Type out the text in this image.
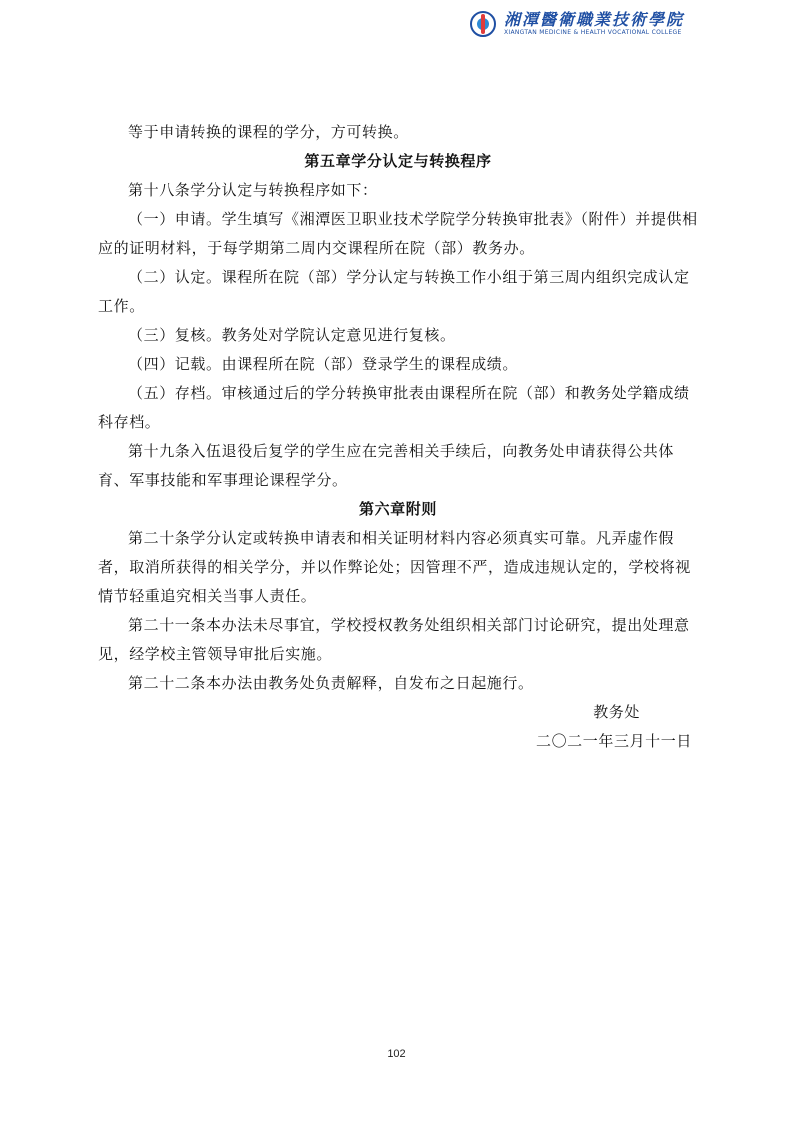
湘潭醫衛職業技術學院
XIANGTAN MEDICINE & HEALTH VOCATIONAL COLLEGE

等于申请转换的课程的学分，方可转换。

第五章学分认定与转换程序

第十八条学分认定与转换程序如下：

（一）申请。学生填写《湘潭医卫职业技术学院学分转换审批表》（附件）并提供相应的证明材料，于每学期第二周内交课程所在院（部）教务办。

（二）认定。课程所在院（部）学分认定与转换工作小组于第三周内组织完成认定工作。

（三）复核。教务处对学院认定意见进行复核。

（四）记载。由课程所在院（部）登录学生的课程成绩。

（五）存档。审核通过后的学分转换审批表由课程所在院（部）和教务处学籍成绩科存档。

第十九条入伍退役后复学的学生应在完善相关手续后，向教务处申请获得公共体育、军事技能和军事理论课程学分。

第六章附则

第二十条学分认定或转换申请表和相关证明材料内容必须真实可靠。凡弄虚作假者，取消所获得的相关学分，并以作弊论处；因管理不严，造成违规认定的，学校将视情节轻重追究相关当事人责任。

第二十一条本办法未尽事宜，学校授权教务处组织相关部门讨论研究，提出处理意见，经学校主管领导审批后实施。

第二十二条本办法由教务处负责解释，自发布之日起施行。

教务处

二〇二一年三月十一日

102
